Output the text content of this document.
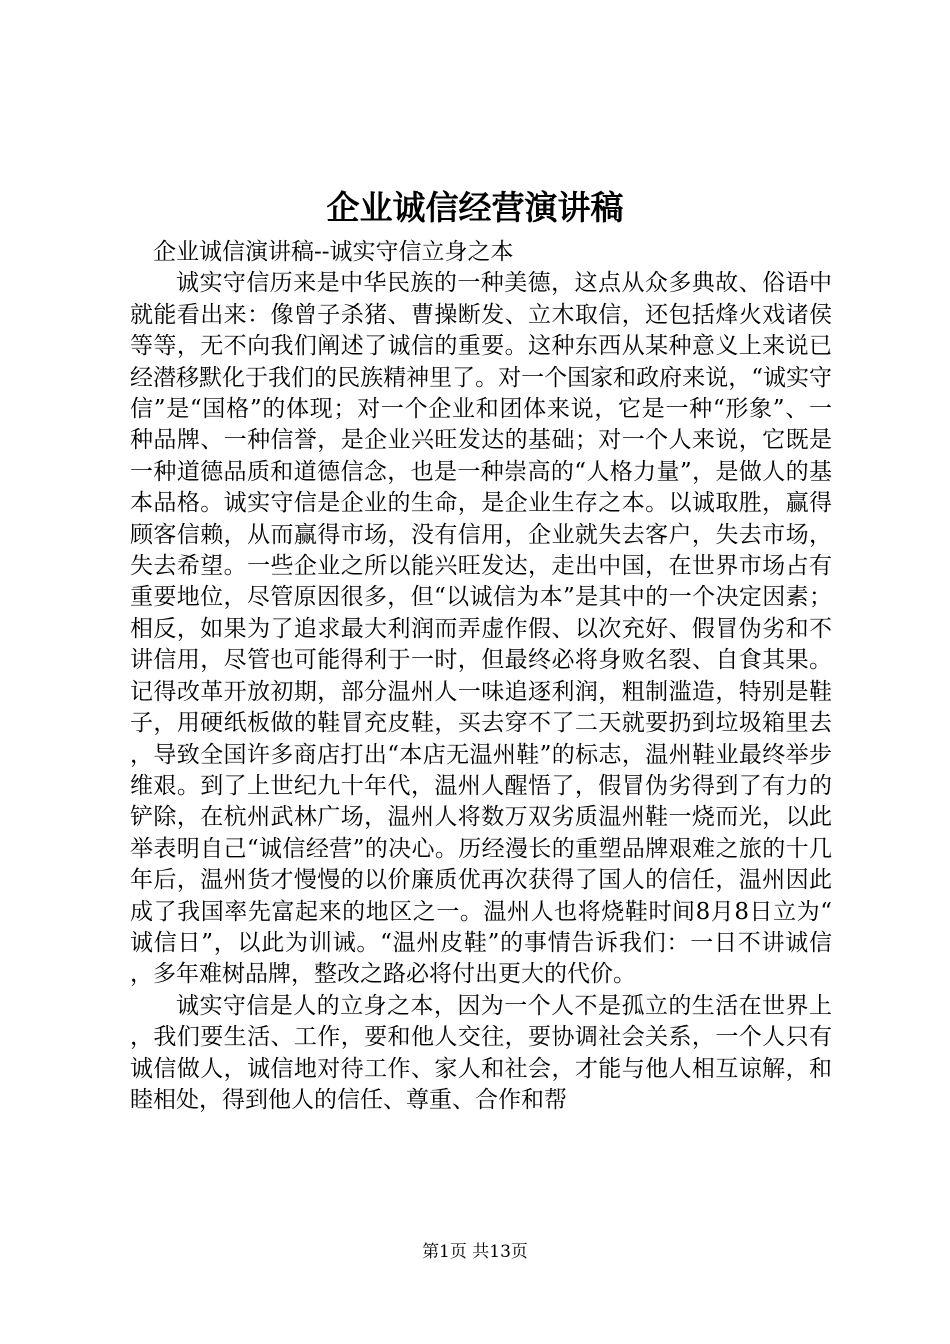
企业诚信经营演讲稿

企业诚信演讲稿--诚实守信立身之本

诚实守信历来是中华民族的一种美德，这点从众多典故、俗语中就能看出来：像曾子杀猪、曹操断发、立木取信，还包括烽火戏诸侯等等，无不向我们阐述了诚信的重要。这种东西从某种意义上来说已经潜移默化于我们的民族精神里了。对一个国家和政府来说，“诚实守信”是“国格”的体现；对一个企业和团体来说，它是一种“形象”、一种品牌、一种信誉，是企业兴旺发达的基础；对一个人来说，它既是一种道德品质和道德信念，也是一种崇高的“人格力量”，是做人的基本品格。诚实守信是企业的生命，是企业生存之本。以诚取胜，赢得顾客信赖，从而赢得市场，没有信用，企业就失去客户，失去市场，失去希望。一些企业之所以能兴旺发达，走出中国，在世界市场占有重要地位，尽管原因很多，但“以诚信为本”是其中的一个决定因素；相反，如果为了追求最大利润而弄虚作假、以次充好、假冒伪劣和不讲信用，尽管也可能得利于一时，但最终必将身败名裂、自食其果。记得改革开放初期，部分温州人一味追逐利润，粗制滥造，特别是鞋子，用硬纸板做的鞋冒充皮鞋，买去穿不了二天就要扔到垃圾箱里去，导致全国许多商店打出“本店无温州鞋”的标志，温州鞋业最终举步维艰。到了上世纪九十年代，温州人醒悟了，假冒伪劣得到了有力的铲除，在杭州武林广场，温州人将数万双劣质温州鞋一烧而光，以此举表明自己“诚信经营”的决心。历经漫长的重塑品牌艰难之旅的十几年后，温州货才慢慢的以价廉质优再次获得了国人的信任，温州因此成了我国率先富起来的地区之一。温州人也将烧鞋时间8月8日立为“诚信日”，以此为训诫。“温州皮鞋”的事情告诉我们：一日不讲诚信，多年难树品牌，整改之路必将付出更大的代价。

诚实守信是人的立身之本，因为一个人不是孤立的生活在世界上，我们要生活、工作，要和他人交往，要协调社会关系，一个人只有诚信做人，诚信地对待工作、家人和社会，才能与他人相互谅解，和睦相处，得到他人的信任、尊重、合作和帮

第1页 共13页
